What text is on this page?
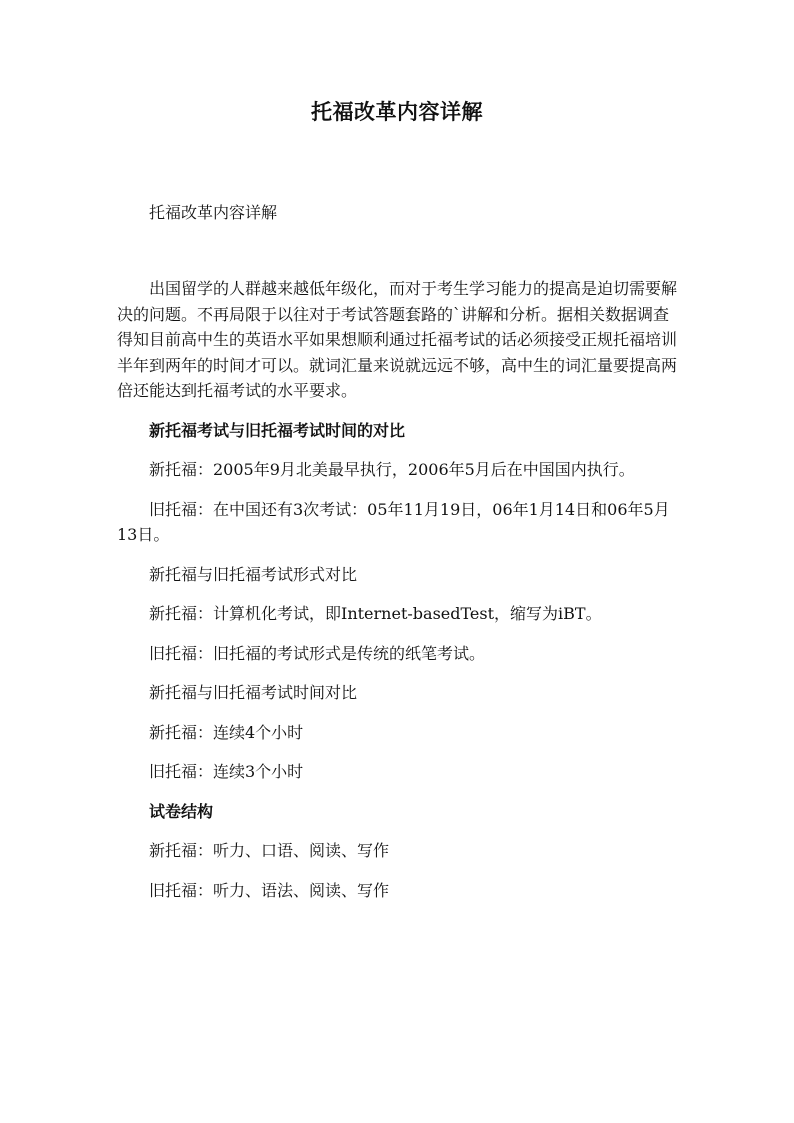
托福改革内容详解

托福改革内容详解

出国留学的人群越来越低年级化，而对于考生学习能力的提高是迫切需要解决的问题。不再局限于以往对于考试答题套路的`讲解和分析。据相关数据调查得知目前高中生的英语水平如果想顺利通过托福考试的话必须接受正规托福培训半年到两年的时间才可以。就词汇量来说就远远不够，高中生的词汇量要提高两倍还能达到托福考试的水平要求。

新托福考试与旧托福考试时间的对比

新托福：2005年9月北美最早执行，2006年5月后在中国国内执行。

旧托福：在中国还有3次考试：05年11月19日，06年1月14日和06年5月13日。

新托福与旧托福考试形式对比

新托福：计算机化考试，即Internet-basedTest，缩写为iBT。

旧托福：旧托福的考试形式是传统的纸笔考试。

新托福与旧托福考试时间对比

新托福：连续4个小时

旧托福：连续3个小时

试卷结构

新托福：听力、口语、阅读、写作

旧托福：听力、语法、阅读、写作
